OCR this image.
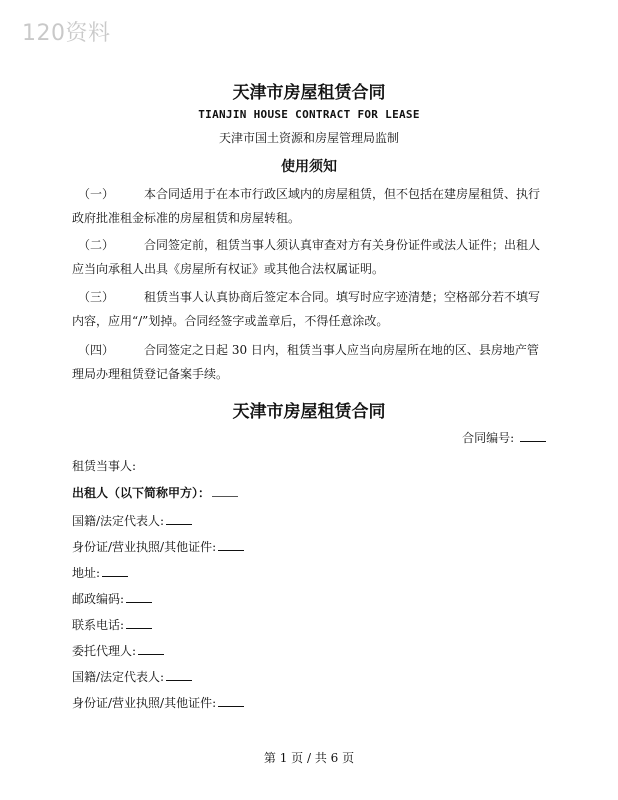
120资料
天津市房屋租赁合同
TIANJIN HOUSE CONTRACT FOR LEASE
天津市国土资源和房屋管理局监制
使用须知
（一） 本合同适用于在本市行政区域内的房屋租赁，但不包括在建房屋租赁、执行
政府批准租金标准的房屋租赁和房屋转租。
（二） 合同签定前，租赁当事人须认真审查对方有关身份证件或法人证件；出租人
应当向承租人出具《房屋所有权证》或其他合法权属证明。
（三） 租赁当事人认真协商后签定本合同。填写时应字迹清楚；空格部分若不填写
内容，应用“/”划掉。合同经签字或盖章后，不得任意涂改。
（四） 合同签定之日起 30 日内，租赁当事人应当向房屋所在地的区、县房地产管
理局办理租赁登记备案手续。
天津市房屋租赁合同
合同编号:
租赁当事人:
出租人（以下简称甲方）：
国籍/法定代表人:
身份证/营业执照/其他证件:
地址:
邮政编码:
联系电话:
委托代理人:
国籍/法定代表人:
身份证/营业执照/其他证件:
第 1 页 / 共 6 页
